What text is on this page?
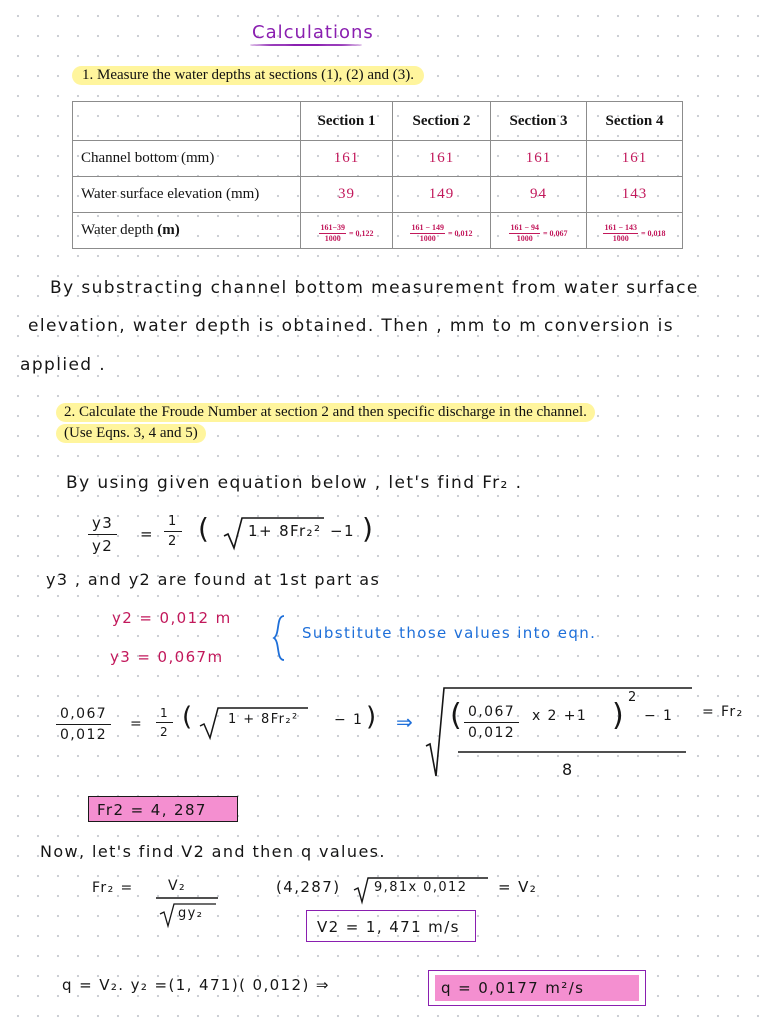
Calculations
1. Measure the water depths at sections (1), (2) and (3).
	Section 1	Section 2	Section 3	Section 4
Channel bottom (mm)	161	161	161	161
Water surface elevation (mm)	39	149	94	143
Water depth (m)	$\frac{161-39}{1000} = 0,122$	$\frac{161 - 149}{1000} = 0,012$	$\frac{161 - 94}{1000} = 0,067$	$\frac{161 - 143}{1000} = 0,018$
By substracting channel bottom measurement from water surface
elevation, water depth is obtained. Then , mm to m conversion is
applied .
2. Calculate the Froude Number at section 2 and then specific discharge in the channel.
(Use Eqns. 3, 4 and 5)
By using given equation below , let's find Fr₂ .
$\frac{y3}{y2} = \frac{1}{2}$ (	1+ 8Fr₂² −1 )
y3 , and y2 are found at 1st part as
y2 = 0,012 m
y3 = 0,067m
Substitute those values into eqn.
$\frac{0,067}{0,012} = \frac{1}{2}$ (	1 + 8Fr₂²	− 1 ) ⇒ ( $\frac{0,067}{0,012}$ x 2 +1 )
2
− 1
8
= Fr₂
Fr2 = 4, 287
Now, let's find V2 and then q values.
Fr₂ = V₂
gy₂
(4,287)	9,81x 0,012 = V₂
V2 = 1, 471 m/s
q = V₂. y₂ =(1, 471)( 0,012) ⇒	q = 0,0177 m²/s
